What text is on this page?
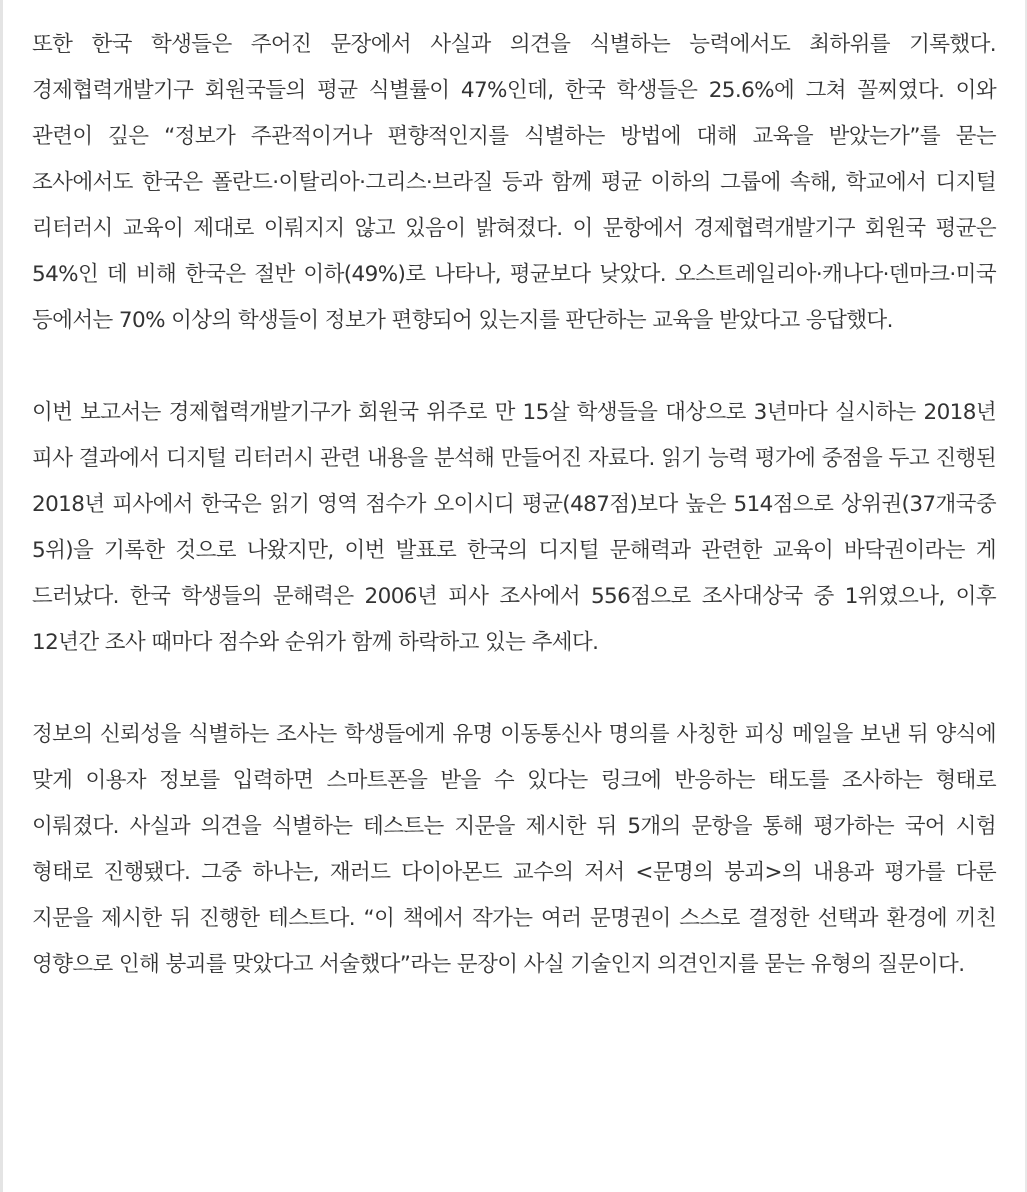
또한 한국 학생들은 주어진 문장에서 사실과 의견을 식별하는 능력에서도 최하위를 기록했다. 경제협력개발기구 회원국들의 평균 식별률이 47%인데, 한국 학생들은 25.6%에 그쳐 꼴찌였다. 이와 관련이 깊은 “정보가 주관적이거나 편향적인지를 식별하는 방법에 대해 교육을 받았는가”를 묻는 조사에서도 한국은 폴란드·이탈리아·그리스·브라질 등과 함께 평균 이하의 그룹에 속해, 학교에서 디지털 리터러시 교육이 제대로 이뤄지지 않고 있음이 밝혀졌다. 이 문항에서 경제협력개발기구 회원국 평균은 54%인 데 비해 한국은 절반 이하(49%)로 나타나, 평균보다 낮았다. 오스트레일리아·캐나다·덴마크·미국 등에서는 70% 이상의 학생들이 정보가 편향되어 있는지를 판단하는 교육을 받았다고 응답했다.

이번 보고서는 경제협력개발기구가 회원국 위주로 만 15살 학생들을 대상으로 3년마다 실시하는 2018년 피사 결과에서 디지털 리터러시 관련 내용을 분석해 만들어진 자료다. 읽기 능력 평가에 중점을 두고 진행된 2018년 피사에서 한국은 읽기 영역 점수가 오이시디 평균(487점)보다 높은 514점으로 상위권(37개국중 5위)을 기록한 것으로 나왔지만, 이번 발표로 한국의 디지털 문해력과 관련한 교육이 바닥권이라는 게 드러났다. 한국 학생들의 문해력은 2006년 피사 조사에서 556점으로 조사대상국 중 1위였으나, 이후 12년간 조사 때마다 점수와 순위가 함께 하락하고 있는 추세다.

정보의 신뢰성을 식별하는 조사는 학생들에게 유명 이동통신사 명의를 사칭한 피싱 메일을 보낸 뒤 양식에 맞게 이용자 정보를 입력하면 스마트폰을 받을 수 있다는 링크에 반응하는 태도를 조사하는 형태로 이뤄졌다. 사실과 의견을 식별하는 테스트는 지문을 제시한 뒤 5개의 문항을 통해 평가하는 국어 시험 형태로 진행됐다. 그중 하나는, 재러드 다이아몬드 교수의 저서 <문명의 붕괴>의 내용과 평가를 다룬 지문을 제시한 뒤 진행한 테스트다. “이 책에서 작가는 여러 문명권이 스스로 결정한 선택과 환경에 끼친 영향으로 인해 붕괴를 맞았다고 서술했다”라는 문장이 사실 기술인지 의견인지를 묻는 유형의 질문이다.
